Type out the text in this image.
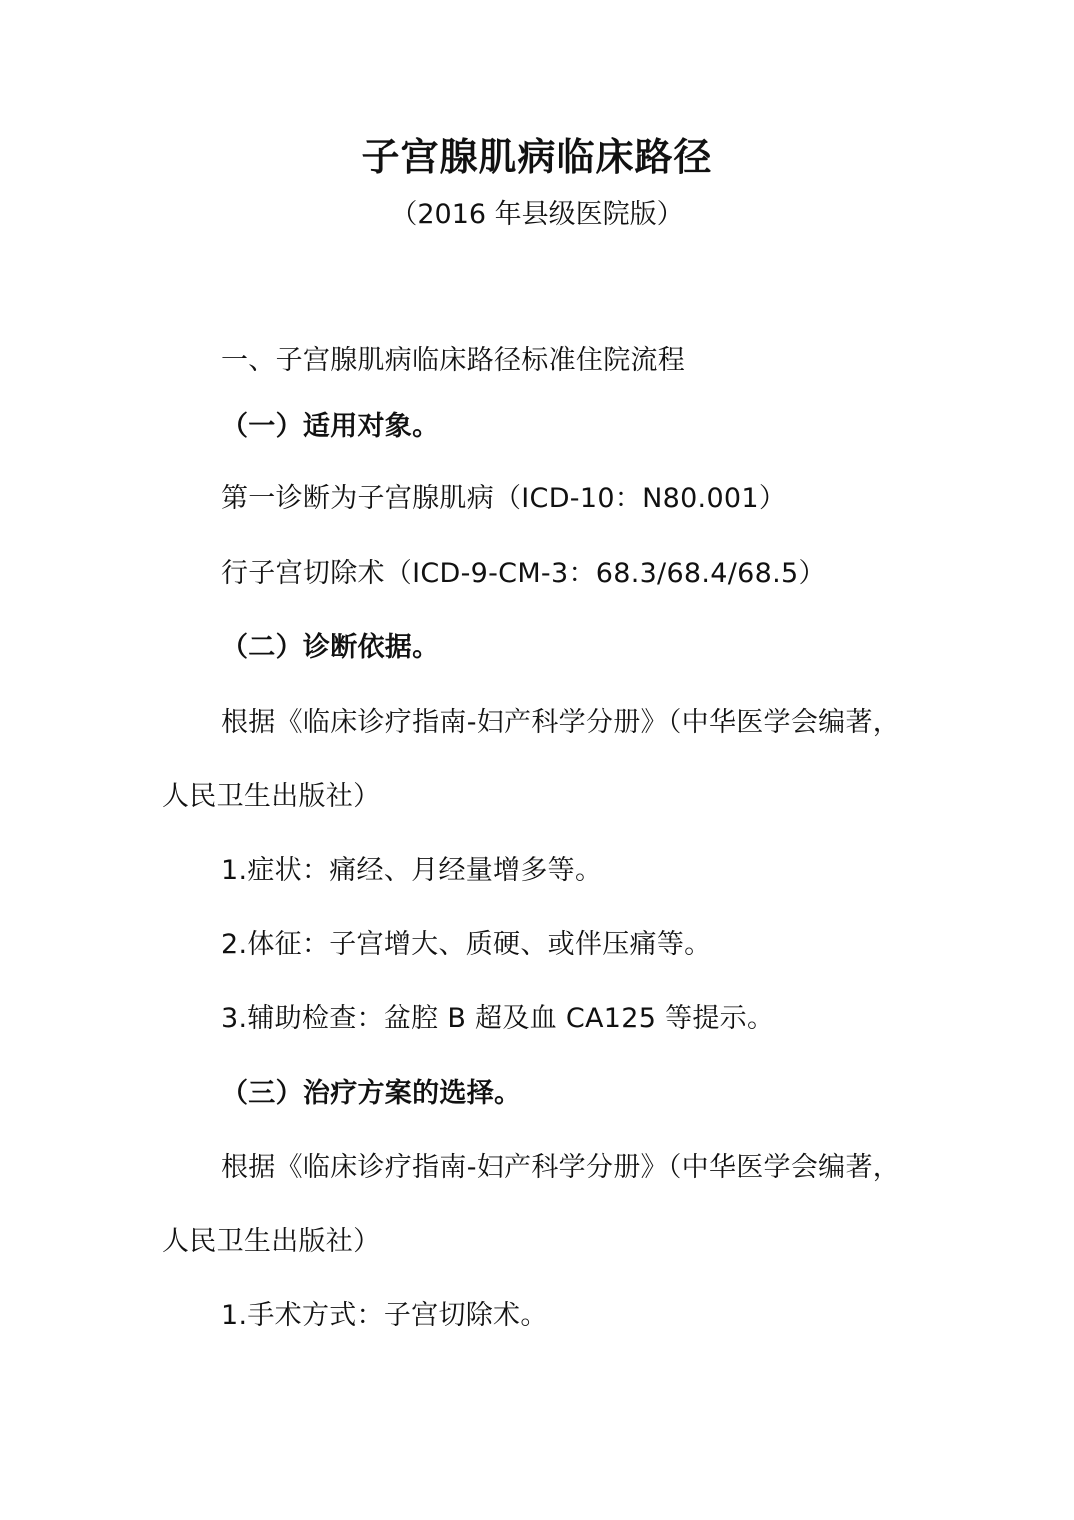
子宫腺肌病临床路径
（2016 年县级医院版）
一、子宫腺肌病临床路径标准住院流程
（一）适用对象。
第一诊断为子宫腺肌病（ICD-10：N80.001）
行子宫切除术（ICD-9-CM-3：68.3/68.4/68.5）
（二）诊断依据。
根据《临床诊疗指南-妇产科学分册》（中华医学会编著，
人民卫生出版社）
1.症状：痛经、月经量增多等。
2.体征：子宫增大、质硬、或伴压痛等。
3.辅助检查：盆腔 B 超及血 CA125 等提示。
（三）治疗方案的选择。
根据《临床诊疗指南-妇产科学分册》（中华医学会编著，
人民卫生出版社）
1.手术方式：子宫切除术。
